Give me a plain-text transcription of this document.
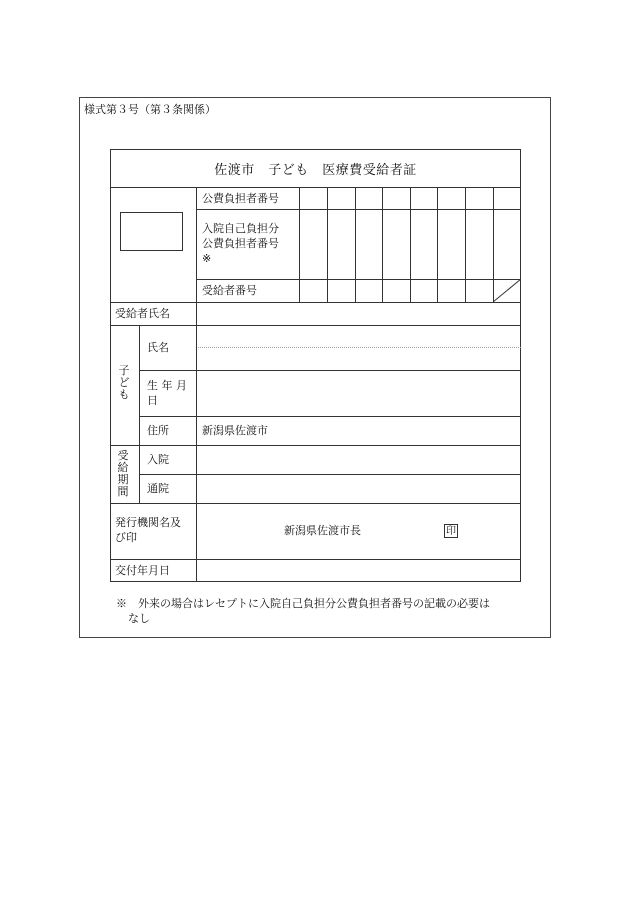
様式第３号（第３条関係）
佐渡市　子ども　医療費受給者証
公費負担者番号
入院自己負担分
公費負担者番号
※
受給者番号
受給者氏名
子ども
氏名
生 年 月
日
住所	新潟県佐渡市
受給期間
入院
通院
発行機関名及
び印
新潟県佐渡市長	印
交付年月日
※　外来の場合はレセプトに入院自己負担分公費負担者番号の記載の必要は
なし
